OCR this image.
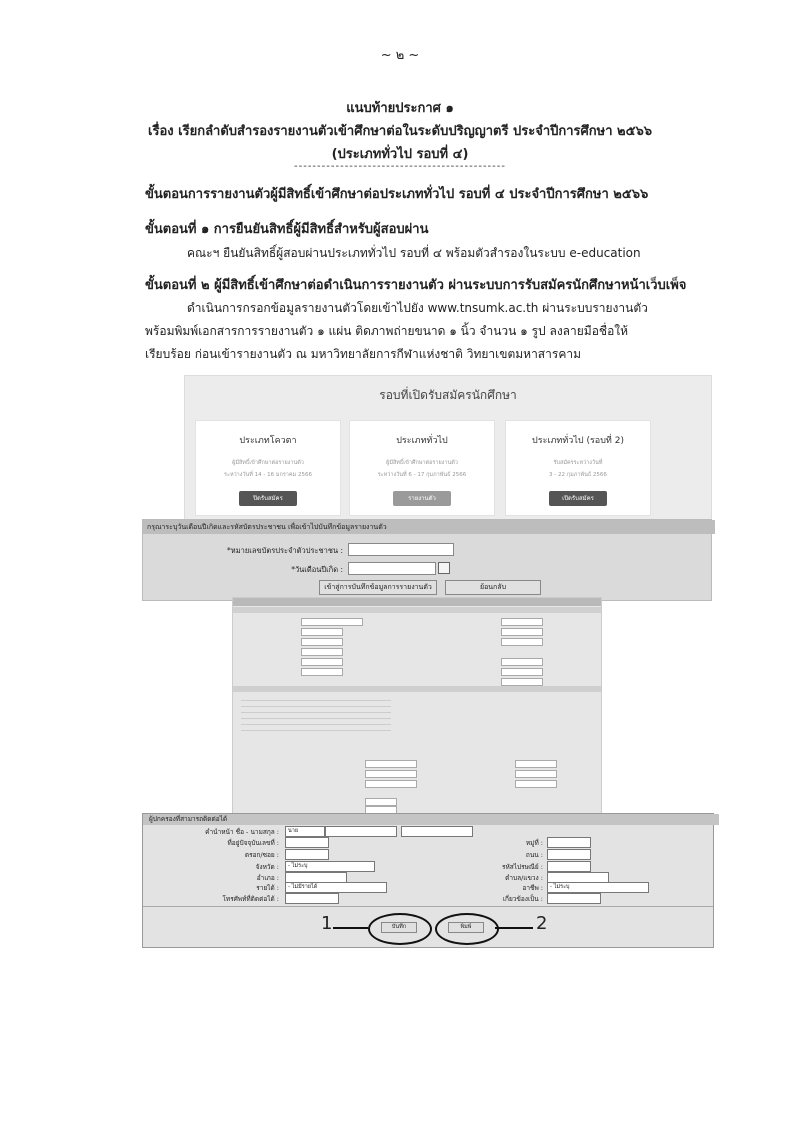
~ ๒ ~
แนบท้ายประกาศ ๑
เรื่อง เรียกลำดับสำรองรายงานตัวเข้าศึกษาต่อในระดับปริญญาตรี ประจำปีการศึกษา ๒๕๖๖
(ประเภททั่วไป รอบที่ ๔)
----------------------------------------------
ขั้นตอนการรายงานตัวผู้มีสิทธิ์เข้าศึกษาต่อประเภททั่วไป รอบที่ ๔ ประจำปีการศึกษา ๒๕๖๖
ขั้นตอนที่ ๑ การยืนยันสิทธิ์ผู้มีสิทธิ์สำหรับผู้สอบผ่าน
คณะฯ ยืนยันสิทธิ์ผู้สอบผ่านประเภททั่วไป รอบที่ ๔ พร้อมตัวสำรองในระบบ e-education
ขั้นตอนที่ ๒ ผู้มีสิทธิ์เข้าศึกษาต่อดำเนินการรายงานตัว ผ่านระบบการรับสมัครนักศึกษาหน้าเว็บเพ็จ
ดำเนินการกรอกข้อมูลรายงานตัวโดยเข้าไปยัง www.tnsumk.ac.th ผ่านระบบรายงานตัว
พร้อมพิมพ์เอกสารการรายงานตัว ๑ แผ่น ติดภาพถ่ายขนาด ๑ นิ้ว จำนวน ๑ รูป ลงลายมือชื่อให้
เรียบร้อย ก่อนเข้ารายงานตัว ณ มหาวิทยาลัยการกีฬาแห่งชาติ วิทยาเขตมหาสารคาม
รอบที่เปิดรับสมัครนักศึกษา
ประเภทโควตา
ผู้มีสิทธิ์เข้าศึกษาต่อรายงานตัว
ระหว่างวันที่ 14 - 16 มกราคม 2566
ปิดรับสมัคร
ประเภททั่วไป
ผู้มีสิทธิ์เข้าศึกษาต่อรายงานตัว
ระหว่างวันที่ 6 - 17 กุมภาพันธ์ 2566
รายงานตัว
ประเภททั่วไป (รอบที่ 2)
รับสมัครระหว่างวันที่
3 - 22 กุมภาพันธ์ 2566
เปิดรับสมัคร
กรุณาระบุวันเดือนปีเกิดและรหัสบัตรประชาชน เพื่อเข้าไปบันทึกข้อมูลรายงานตัว
*หมายเลขบัตรประจำตัวประชาชน :
*วันเดือนปีเกิด :
เข้าสู่การบันทึกข้อมูลการรายงานตัว	ย้อนกลับ
ผู้ปกครองที่สามารถติดต่อได้
คำนำหน้า ชื่อ - นามสกุล :	นาย
ที่อยู่ปัจจุบันเลขที่ :	หมู่ที่ :
ตรอก/ซอย :	ถนน :
จังหวัด :	- ไม่ระบุ	รหัสไปรษณีย์ :
อำเภอ :	ตำบล/แขวง :
รายได้ :	- ไม่มีรายได้	อาชีพ :	- ไม่ระบุ
โทรศัพท์ที่ติดต่อได้ :	เกี่ยวข้องเป็น :
บันทึก	พิมพ์
1	2
